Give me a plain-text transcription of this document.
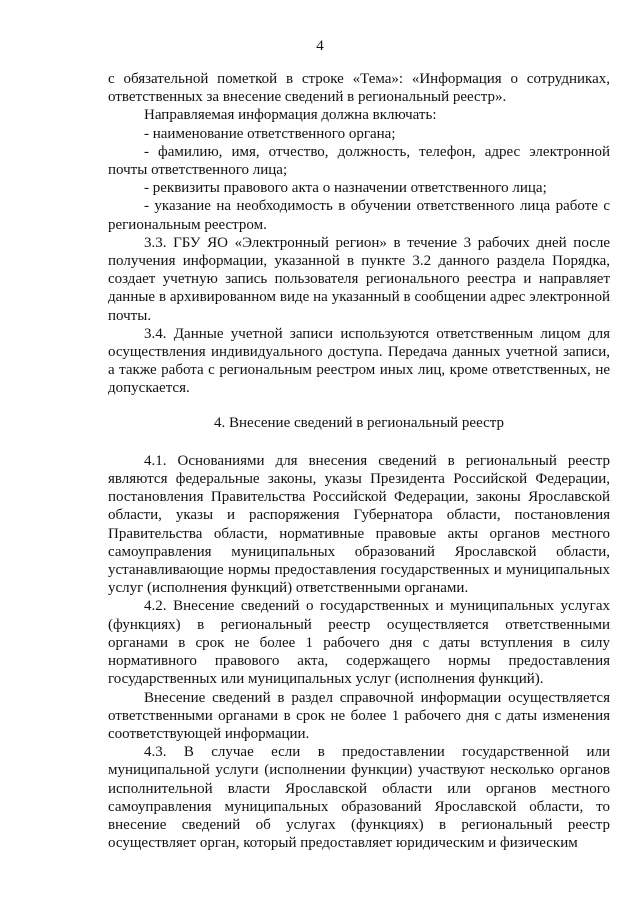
4

с обязательной пометкой в строке «Тема»: «Информация о сотрудниках, ответственных за внесение сведений в региональный реестр».

Направляемая информация должна включать:

- наименование ответственного органа;

- фамилию, имя, отчество, должность, телефон, адрес электронной почты ответственного лица;

- реквизиты правового акта о назначении ответственного лица;

- указание на необходимость в обучении ответственного лица работе с региональным реестром.

3.3. ГБУ ЯО «Электронный регион» в течение 3 рабочих дней после получения информации, указанной в пункте 3.2 данного раздела Порядка, создает учетную запись пользователя регионального реестра и направляет данные в архивированном виде на указанный в сообщении адрес электронной почты.

3.4. Данные учетной записи используются ответственным лицом для осуществления индивидуального доступа. Передача данных учетной записи, а также работа с региональным реестром иных лиц, кроме ответственных, не допускается.

4. Внесение сведений в региональный реестр

4.1. Основаниями для внесения сведений в региональный реестр являются федеральные законы, указы Президента Российской Федерации, постановления Правительства Российской Федерации, законы Ярославской области, указы и распоряжения Губернатора области, постановления Правительства области, нормативные правовые акты органов местного самоуправления муниципальных образований Ярославской области, устанавливающие нормы предоставления государственных и муниципальных услуг (исполнения функций) ответственными органами.

4.2. Внесение сведений о государственных и муниципальных услугах (функциях) в региональный реестр осуществляется ответственными органами в срок не более 1 рабочего дня с даты вступления в силу нормативного правового акта, содержащего нормы предоставления государственных или муниципальных услуг (исполнения функций).

Внесение сведений в раздел справочной информации осуществляется ответственными органами в срок не более 1 рабочего дня с даты изменения соответствующей информации.

4.3. В случае если в предоставлении государственной или муниципальной услуги (исполнении функции) участвуют несколько органов исполнительной власти Ярославской области или органов местного самоуправления муниципальных образований Ярославской области, то внесение сведений об услугах (функциях) в региональный реестр осуществляет орган, который предоставляет юридическим и физическим
